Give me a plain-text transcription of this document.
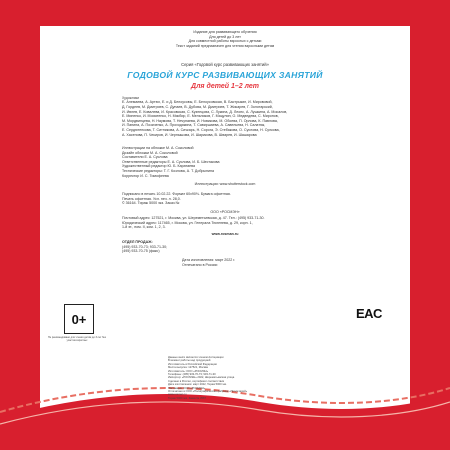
Издание для развивающего обучения
Для детей до 3 лет
Для совместной работы взрослых с детьми
Текст заданий предназначен для чтения взрослыми детям
Серия «Годовой курс развивающих занятий»
ГОДОВОЙ КУРС РАЗВИВАЮЩИХ ЗАНЯТИЙ
Для детей 1–2 лет
Художники
Е. Алемаева, А. Артюх, Е. и Д. Белоусовы, Е. Белоусовская, В. Бастрыкин, И. Мирововой,
Д. Гордеев, М. Дмитриев, С. Дунаев, В. Дубова, М. Дмитриев, Т. Жикарев, Г. Золотарский,
И. Ивлев, Е. Ковалева, И. Красовская, С. Кузнецова, С. Лукина, Д. Леонс, А. Лушкина, А. Мосалов,
Е. Миненко, И. Моисеенко, Н. Мясбир, Е. Мельников, Г. Мацулин, О. Медведева, С. Миронов,
М. Мордвинцева, Н. Наумова, Т. Нечунаева, И. Новикова, М. Обоева, П. Орлова, К. Павлова,
И. Панина, А. Позиченко, А. Проходякина, Т. Савиршаева, А. Савельева, Н. Салатюк,
Е. Сердютенкова, Т. Ситникова, А. Сичкарь, Н. Сорога, Э. Стебакова, О. Суслова, Н. Сулкова,
А. Хасенова, П. Чекиров, И. Чернышова, И. Шарикова, В. Шварев, И. Шашарова
Иллюстрации на обложке М. А. Соколовой
Дизайн обложки М. А. Соколовой
Составители Е. А. Суслова
Ответственные редакторы Е. А. Суслова, И. Б. Шестакова
Художественный редактор Ю. Б. Каратаева
Технические редакторы: Т. Г. Козлова, А. Т. Добрынина
Корректор И. С. Тимофеева
Иллюстрации: www.shutterstock.com
Подписано в печать 10.02.22. Формат 60х90⅛. Бумага офсетная.
Печать офсетная. Усл. печ. л. 28,0.
© 36164. Тираж 5000 экз. Заказ №
ООО «РОСМЭН»
Почтовый адрес: 127521, г. Москва, ул. Шереметьевская, д. 47. Тел.: (495) 933-71-30.
Юридический адрес: 117465, г. Москва, ул. Генерала Тюленева, д. 29, корп. 1,
1-й эт., пом. II, ком. 1, 2, 3.
www.rosman.ru
ОТДЕЛ ПРОДАЖ:
(495) 933-70-73; 933-71-30;
(495) 933-70-75 (факс)
Дата изготовления: март 2022 г.
Отпечатано в России
0+
Не рекомендовано для чтения детям до 3 лет без участия взрослых
EAC
Данные книги являются членом Ассоциации
В момент работы над продукцией
Изготовитель в Российской Федерации
Места выпуска: 127521, Москва
Изготовитель: ООО «РОСМЭН»
Телефоны: (495) 933-70-73; 933-71-30
Импортер: «РОСМЭН» 2022, Шереметьевская улица
Сделано в России, сертификат соответствия
Дата изготовления: март 2022, Тираж 5000 экз.
Поставщик: ООО «РОСМЭН»
Отпечатано в ООО «Полиграфическая фабрика «Пролетарий»
www.rosman.ru
Тираж 5000 экз. Заказ № 3587
